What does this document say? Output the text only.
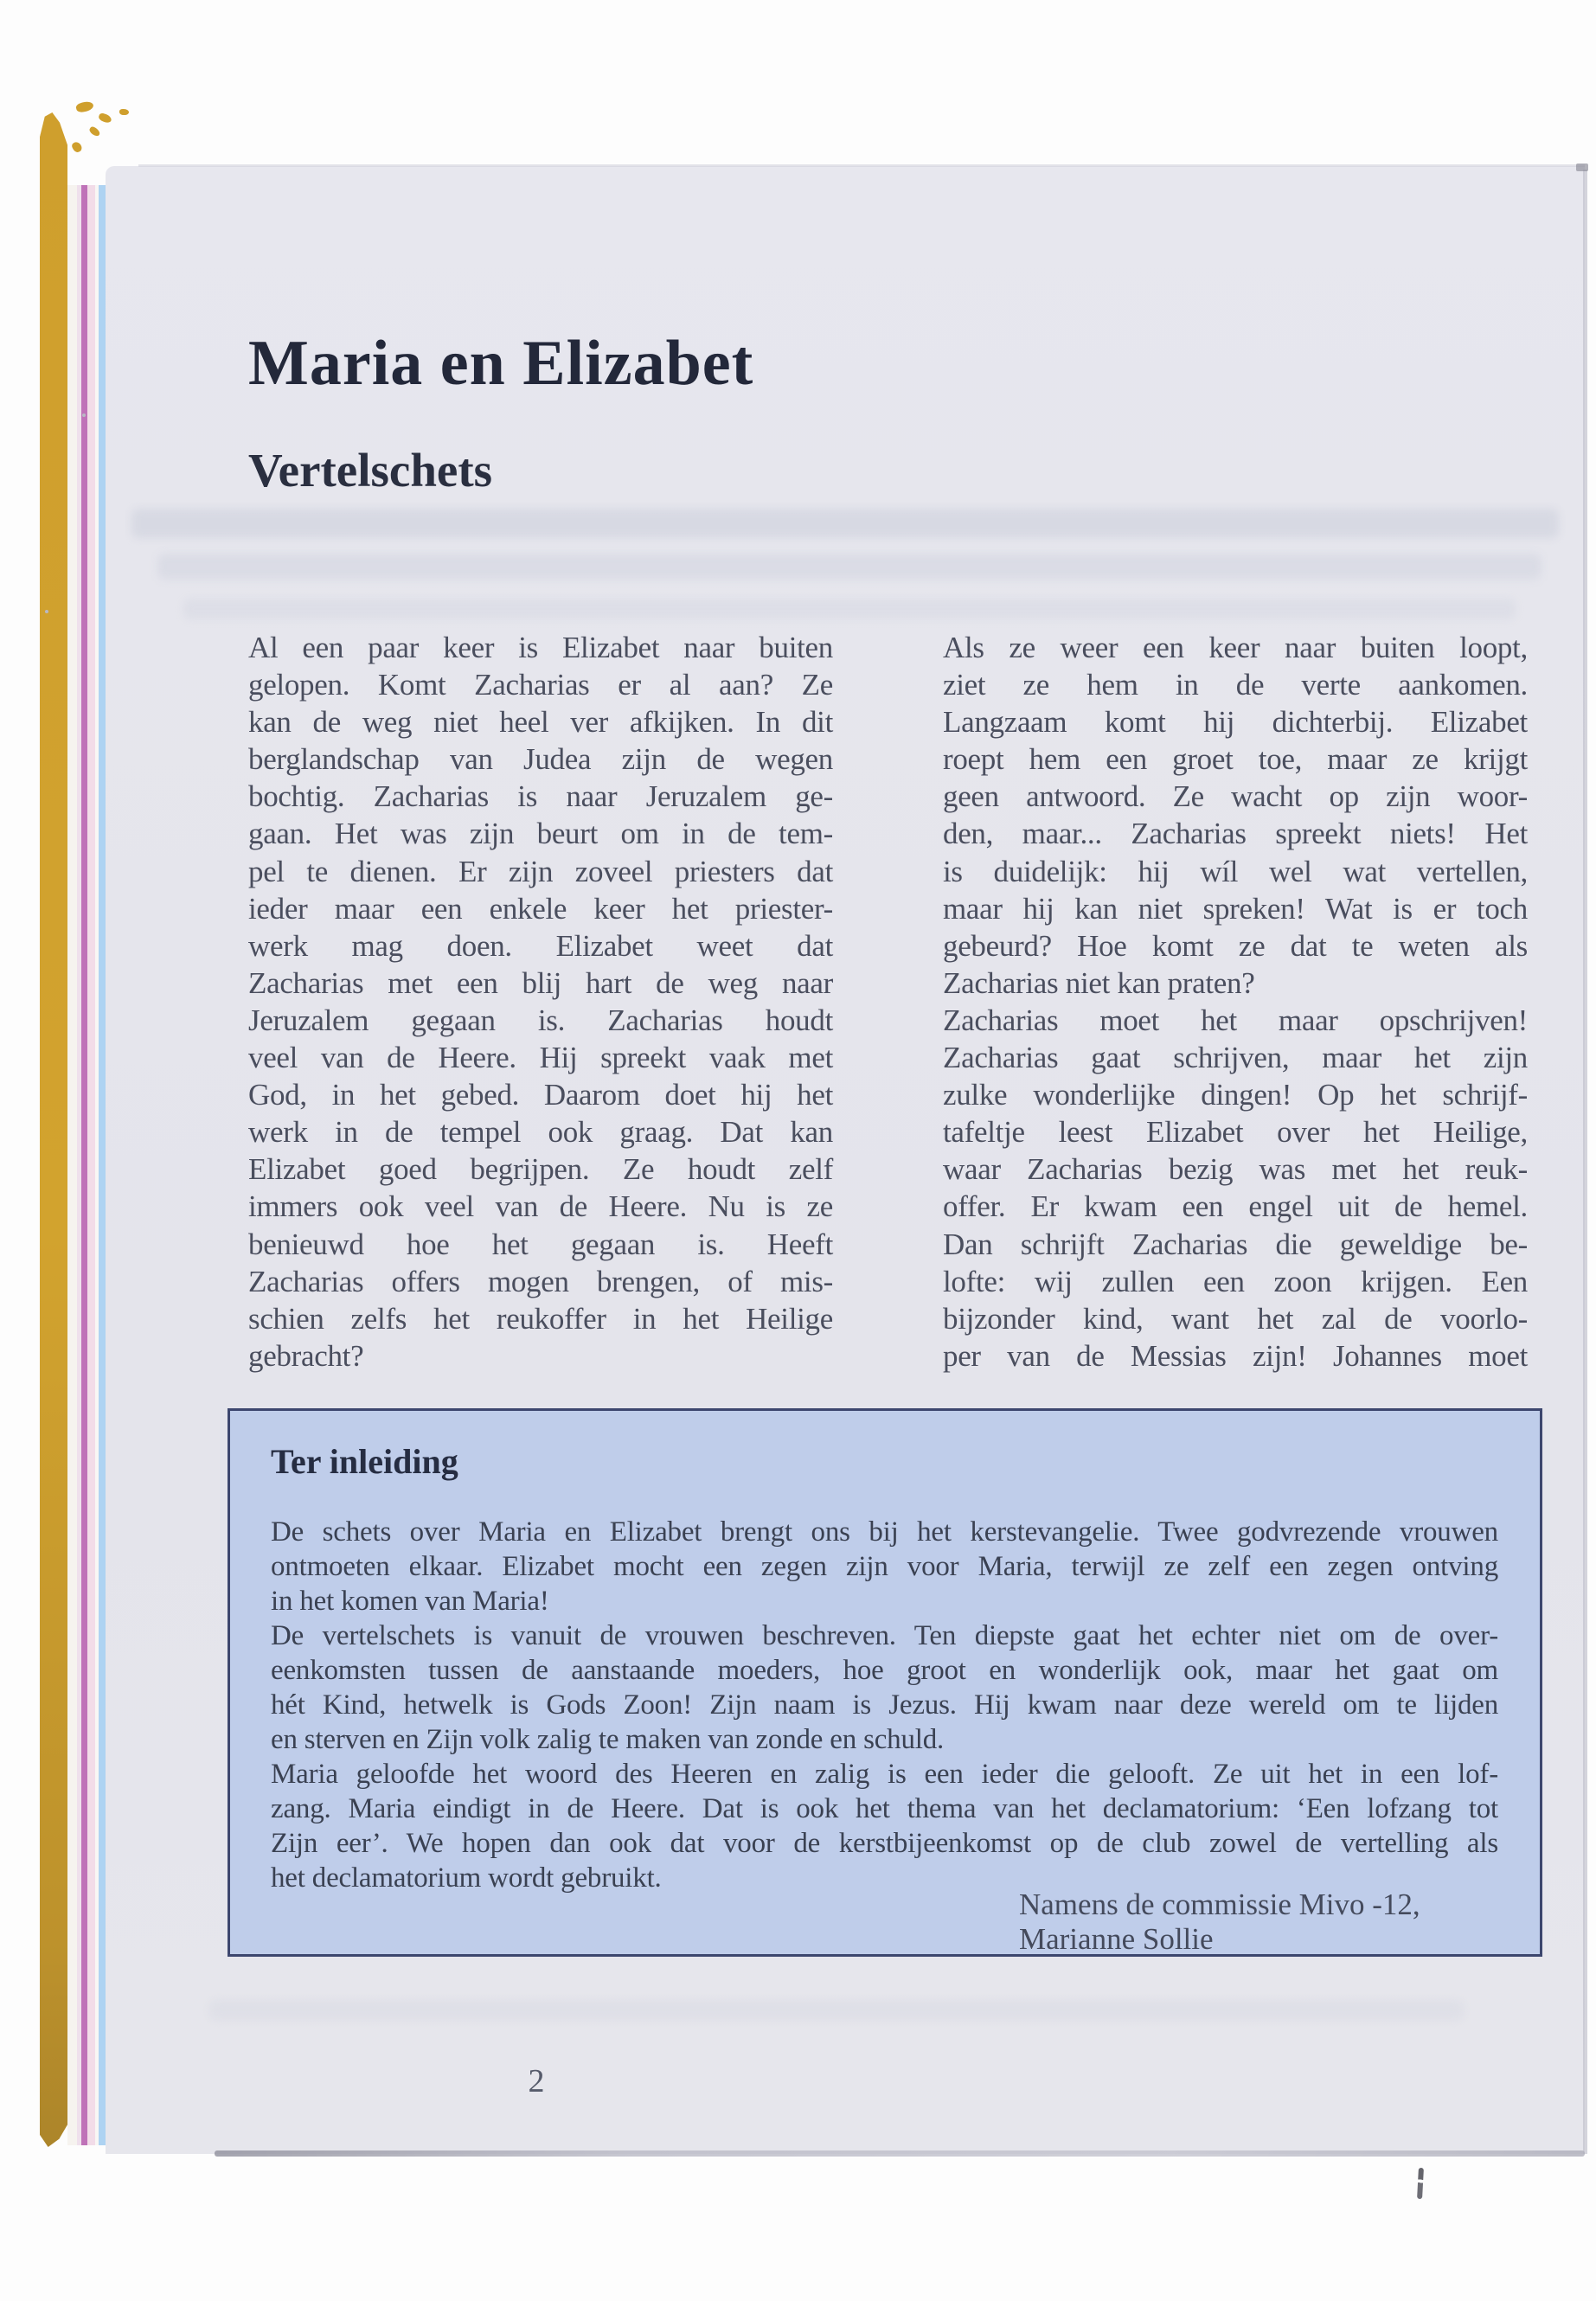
Maria en Elizabet
Vertelschets
Al een paar keer is Elizabet naar buiten
gelopen. Komt Zacharias er al aan? Ze
kan de weg niet heel ver afkijken. In dit
berglandschap van Judea zijn de wegen
bochtig. Zacharias is naar Jeruzalem ge-
gaan. Het was zijn beurt om in de tem-
pel te dienen. Er zijn zoveel priesters dat
ieder maar een enkele keer het priester-
werk mag doen. Elizabet weet dat
Zacharias met een blij hart de weg naar
Jeruzalem gegaan is. Zacharias houdt
veel van de Heere. Hij spreekt vaak met
God, in het gebed. Daarom doet hij het
werk in de tempel ook graag. Dat kan
Elizabet goed begrijpen. Ze houdt zelf
immers ook veel van de Heere. Nu is ze
benieuwd hoe het gegaan is. Heeft
Zacharias offers mogen brengen, of mis-
schien zelfs het reukoffer in het Heilige
gebracht?
Als ze weer een keer naar buiten loopt,
ziet ze hem in de verte aankomen.
Langzaam komt hij dichterbij. Elizabet
roept hem een groet toe, maar ze krijgt
geen antwoord. Ze wacht op zijn woor-
den, maar... Zacharias spreekt niets! Het
is duidelijk: hij wíl wel wat vertellen,
maar hij kan niet spreken! Wat is er toch
gebeurd? Hoe komt ze dat te weten als
Zacharias niet kan praten?
Zacharias moet het maar opschrijven!
Zacharias gaat schrijven, maar het zijn
zulke wonderlijke dingen! Op het schrijf-
tafeltje leest Elizabet over het Heilige,
waar Zacharias bezig was met het reuk-
offer. Er kwam een engel uit de hemel.
Dan schrijft Zacharias die geweldige be-
lofte: wij zullen een zoon krijgen. Een
bijzonder kind, want het zal de voorlo-
per van de Messias zijn! Johannes moet
Ter inleiding
De schets over Maria en Elizabet brengt ons bij het kerstevangelie. Twee godvrezende vrouwen
ontmoeten elkaar. Elizabet mocht een zegen zijn voor Maria, terwijl ze zelf een zegen ontving
in het komen van Maria!
De vertelschets is vanuit de vrouwen beschreven. Ten diepste gaat het echter niet om de over-
eenkomsten tussen de aanstaande moeders, hoe groot en wonderlijk ook, maar het gaat om
hét Kind, hetwelk is Gods Zoon! Zijn naam is Jezus. Hij kwam naar deze wereld om te lijden
en sterven en Zijn volk zalig te maken van zonde en schuld.
Maria geloofde het woord des Heeren en zalig is een ieder die gelooft. Ze uit het in een lof-
zang. Maria eindigt in de Heere. Dat is ook het thema van het declamatorium: ‘Een lofzang tot
Zijn eer’. We hopen dan ook dat voor de kerstbijeenkomst op de club zowel de vertelling als
het declamatorium wordt gebruikt.
Namens de commissie Mivo -12,
Marianne Sollie
2
